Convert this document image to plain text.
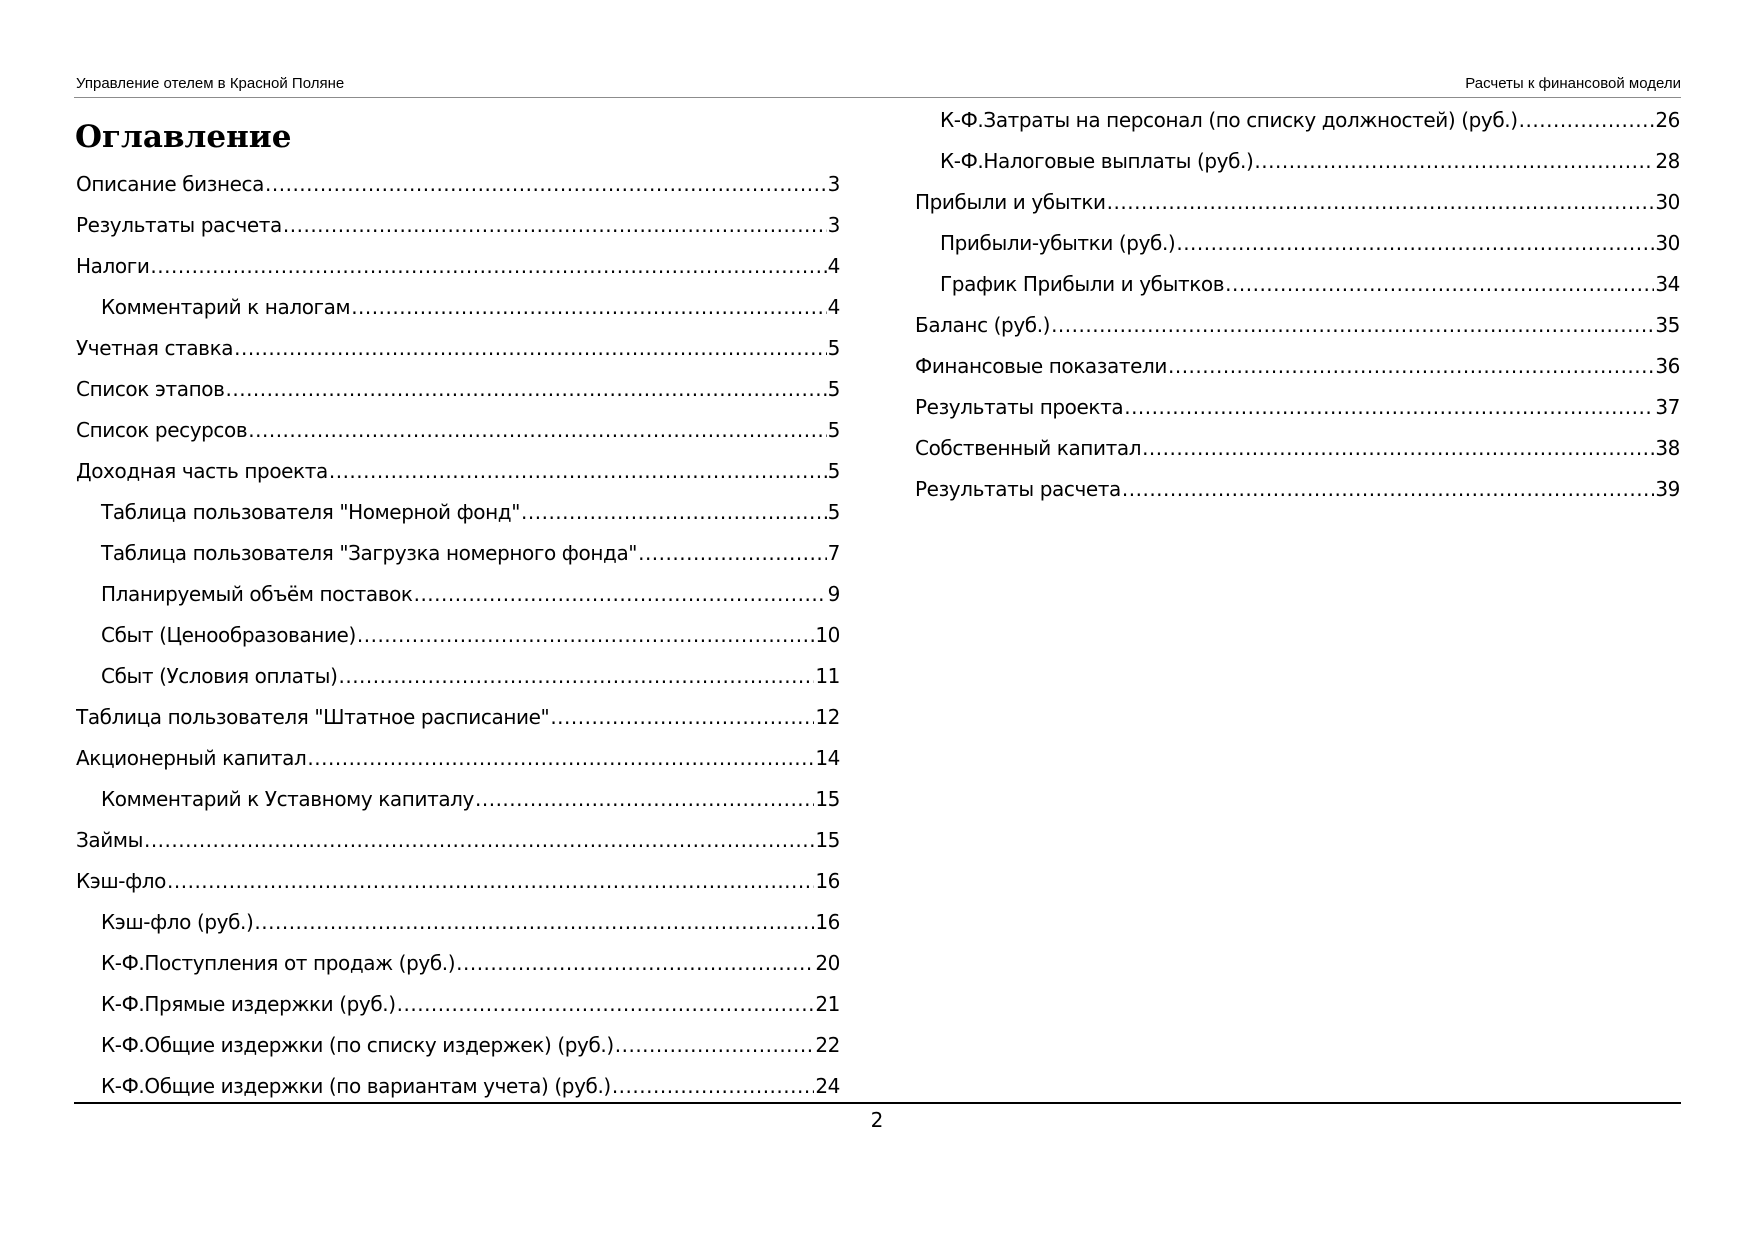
Управление отелем в Красной Поляне	Расчеты к финансовой модели
Оглавление
Описание бизнеса .....	3
Результаты расчета .....	3
Налоги .....	4
Комментарий к налогам .....	4
Учетная ставка .....	5
Список этапов .....	5
Список ресурсов .....	5
Доходная часть проекта .....	5
Таблица пользователя "Номерной фонд" .....	5
Таблица пользователя "Загрузка номерного фонда" .....	7
Планируемый объём поставок .....	9
Сбыт (Ценообразование) .....	10
Сбыт (Условия оплаты) .....	11
Таблица пользователя "Штатное расписание" .....	12
Акционерный капитал .....	14
Комментарий к Уставному капиталу .....	15
Займы .....	15
Кэш-фло .....	16
Кэш-фло (руб.) .....	16
К-Ф.Поступления от продаж (руб.) .....	20
К-Ф.Прямые издержки (руб.) .....	21
К-Ф.Общие издержки (по списку издержек) (руб.) .....	22
К-Ф.Общие издержки (по вариантам учета) (руб.) .....	24
К-Ф.Затраты на персонал (по списку должностей) (руб.) .....	26
К-Ф.Налоговые выплаты (руб.) .....	28
Прибыли и убытки .....	30
Прибыли-убытки (руб.) .....	30
График Прибыли и убытков .....	34
Баланс (руб.) .....	35
Финансовые показатели .....	36
Результаты проекта .....	37
Собственный капитал .....	38
Результаты расчета .....	39
2
